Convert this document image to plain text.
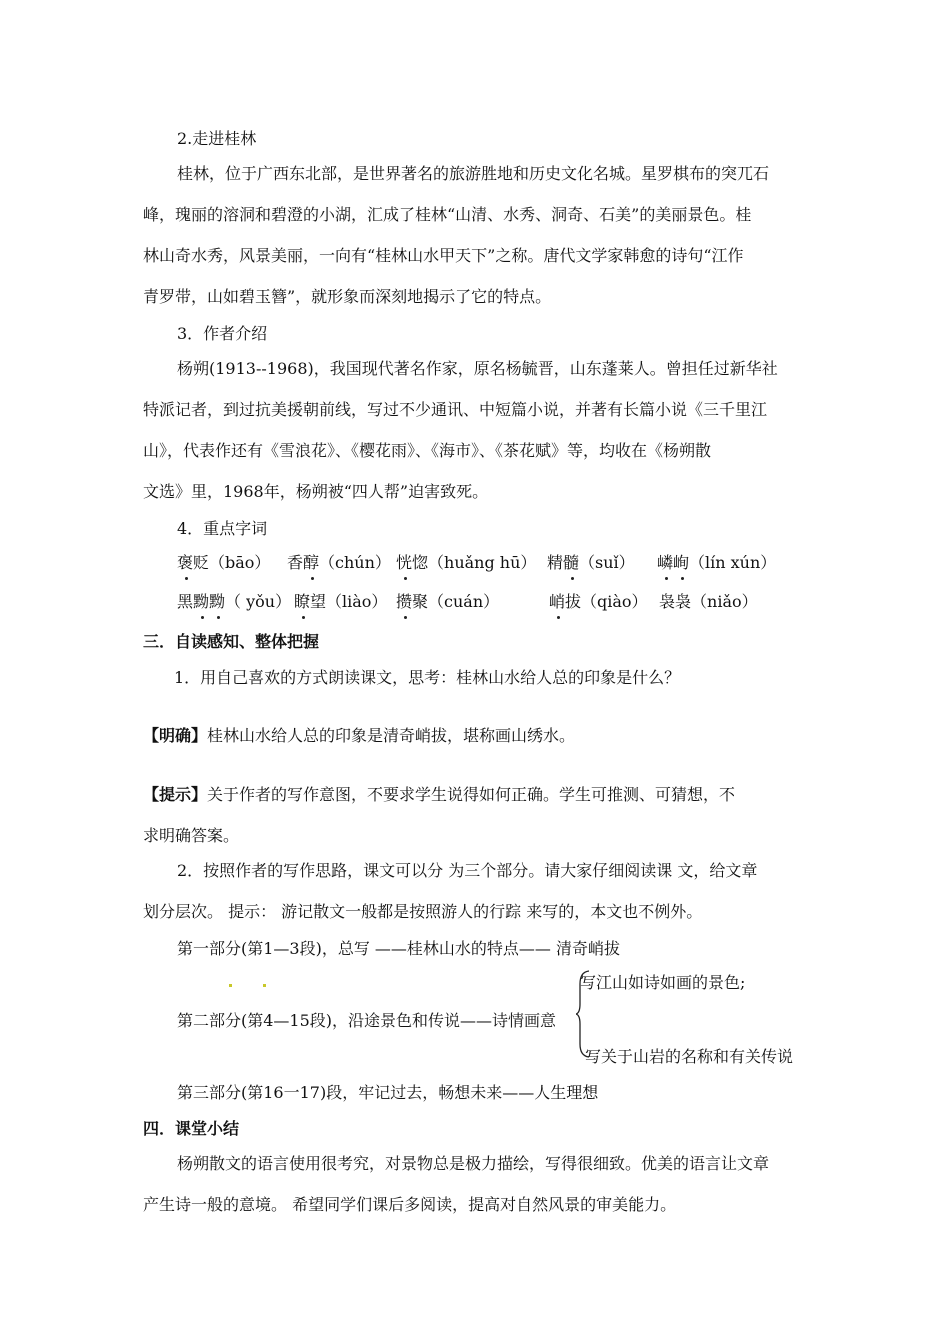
2.走进桂林
桂林，位于广西东北部，是世界著名的旅游胜地和历史文化名城。星罗棋布的突兀石
峰，瑰丽的溶洞和碧澄的小湖，汇成了桂林“山清、水秀、洞奇、石美”的美丽景色。桂
林山奇水秀，风景美丽，一向有“桂林山水甲天下”之称。唐代文学家韩愈的诗句“江作
青罗带，山如碧玉簪”，就形象而深刻地揭示了它的特点。
3．作者介绍
杨朔(1913--1968)，我国现代著名作家，原名杨毓晋，山东蓬莱人。曾担任过新华社
特派记者，到过抗美援朝前线，写过不少通讯、中短篇小说，并著有长篇小说《三千里江
山》，代表作还有《雪浪花》、《樱花雨》、《海市》、《茶花赋》等，均收在《杨朔散
文选》里，1968年，杨朔被“四人帮”迫害致死。
4．重点字词
褒贬（bāo） 香醇（chún） 恍惚（huǎng hū） 精髓（suǐ） 嶙峋（lín xún）
黑黝黝（ yǒu） 瞭望（liào） 攒聚（cuán）	峭拔（qiào） 袅袅（niǎo）
三．自读感知、整体把握
1．用自己喜欢的方式朗读课文，思考：桂林山水给人总的印象是什么？
【明确】桂林山水给人总的印象是清奇峭拔，堪称画山绣水。
【提示】关于作者的写作意图，不要求学生说得如何正确。学生可推测、可猜想，不
求明确答案。
2．按照作者的写作思路，课文可以分 为三个部分。请大家仔细阅读课 文，给文章
划分层次。 提示： 游记散文一般都是按照游人的行踪 来写的，本文也不例外。
第一部分(第1—3段)，总写 ——桂林山水的特点—— 清奇峭拔
写江山如诗如画的景色;
第二部分(第4—15段)，沿途景色和传说——诗情画意
写关于山岩的名称和有关传说
第三部分(第16一17)段，牢记过去，畅想未来——人生理想
四．课堂小结
杨朔散文的语言使用很考究，对景物总是极力描绘，写得很细致。优美的语言让文章
产生诗一般的意境。 希望同学们课后多阅读，提高对自然风景的审美能力。
